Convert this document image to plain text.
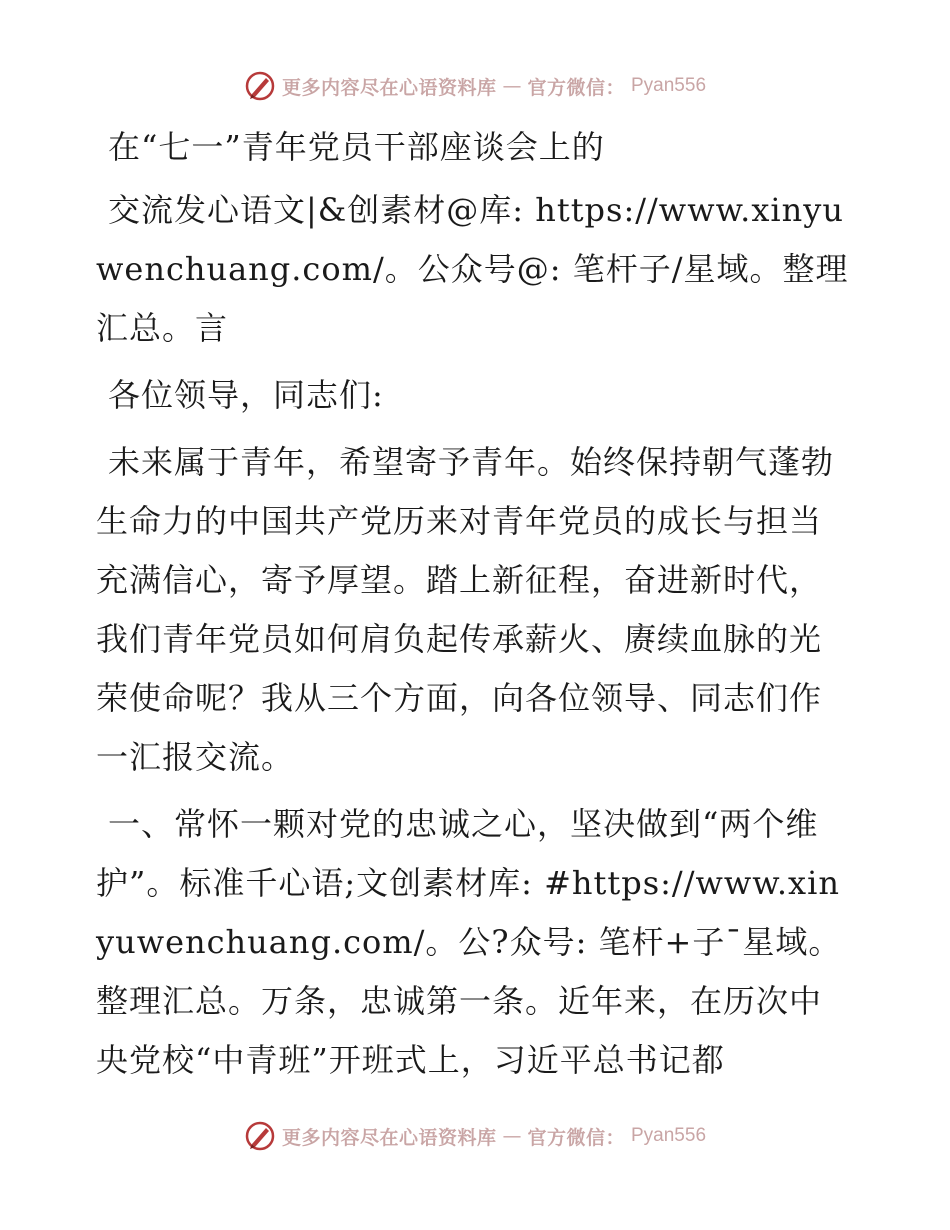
更多内容尽在心语资料库 — 官方微信： Pyan556

在“七一”青年党员干部座谈会上的

交流发心语文|&创素材@库: https://www.xinyuwenchuang.com/。公众号@: 笔杆子/星域。整理汇总。言

各位领导，同志们:

未来属于青年，希望寄予青年。始终保持朝气蓬勃生命力的中国共产党历来对青年党员的成长与担当充满信心，寄予厚望。踏上新征程，奋进新时代，我们青年党员如何肩负起传承薪火、赓续血脉的光荣使命呢？我从三个方面，向各位领导、同志们作一汇报交流。

一、常怀一颗对党的忠诚之心，坚决做到“两个维护”。标准千心语;文创素材库: #https://www.xinyuwenchuang.com/。公?众号: 笔杆+子¯星域。整理汇总。万条，忠诚第一条。近年来，在历次中央党校“中青班”开班式上，习近平总书记都

更多内容尽在心语资料库 — 官方微信： Pyan556
